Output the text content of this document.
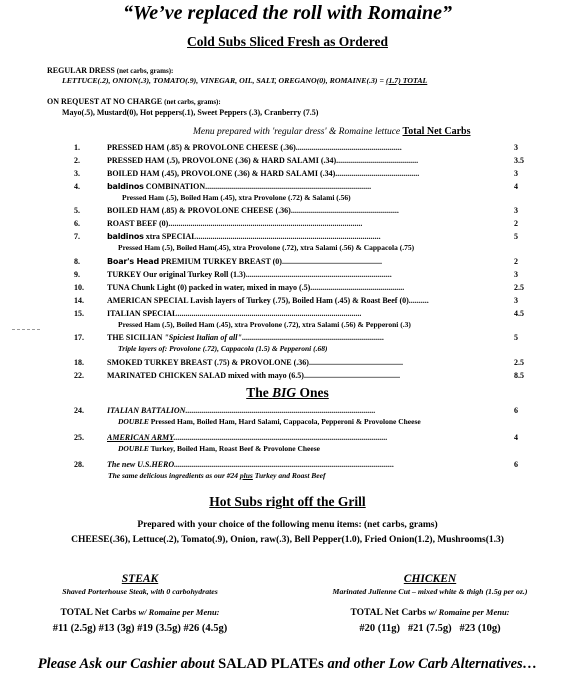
“We’ve replaced the roll with Romaine”
Cold Subs Sliced Fresh as Ordered
REGULAR DRESS (net carbs, grams):
LETTUCE(.2), ONION(.3), TOMATO(.9), VINEGAR, OIL, SALT, OREGANO(0), ROMAINE(.3) = (1.7) TOTAL
ON REQUEST AT NO CHARGE (net carbs, grams):
Mayo(.5), Mustard(0), Hot peppers(.1), Sweet Peppers (.3), Cranberry (7.5)
Menu prepared with 'regular dress' & Romaine lettuce Total Net Carbs
1.	PRESSED HAM (.85) & PROVOLONE CHEESE (.36).....................................................	3
2.	PRESSED HAM (.5), PROVOLONE (.36) & HARD SALAMI (.34).........................................	3.5
3.	BOILED HAM (.45), PROVOLONE (.36) & HARD SALAMI (.34)..........................................	3
4.	baldinos COMBINATION...................................................................................	4
Pressed Ham (.5), Boiled Ham (.45), xtra Provolone (.72) & Salami (.56)
5.	BOILED HAM (.85) & PROVOLONE CHEESE (.36)......................................................	3
6.	ROAST BEEF (0).................................................................................................	2
7.	baldinos xtra SPECIAL............................................................................................	5
Pressed Ham (.5), Boiled Ham(.45), xtra Provolone (.72), xtra Salami (.56) & Cappacola (.75)
8.	Boar's Head PREMIUM TURKEY BREAST (0)..................................................	2
9.	TURKEY Our original Turkey Roll (1.3).........................................................................	3
10.	TUNA Chunk Light (0) packed in water, mixed in mayo (.5)...............................................	2.5
14.	AMERICAN SPECIAL Lavish layers of Turkey (.75), Boiled Ham (.45) & Roast Beef (0)..........	3
15.	ITALIAN SPECIAL............................................................................................	4.5
Pressed Ham (.5), Boiled Ham (.45), xtra Provolone (.72), xtra Salami (.56) & Pepperoni (.3)
17.	THE SICILIAN "Spiciest Italian of all".......................................................................	5
Triple layers of: Provolone (.72), Cappacola (1.5) & Pepperoni (.68)
18.	SMOKED TURKEY BREAST (.75) & PROVOLONE (.36)...............................................	2.5
22.	MARINATED CHICKEN SALAD mixed with mayo (6.5)................................................	8.5
The BIG Ones
24.	ITALIAN BATTALION...............................................................................................	6
DOUBLE Pressed Ham, Boiled Ham, Hard Salami, Cappacola, Pepperoni & Provolone Cheese
25.	AMERICAN ARMY...........................................................................................................	4
DOUBLE Turkey, Boiled Ham, Roast Beef & Provolone Cheese
28.	The new U.S.HERO..............................................................................................................	6
The same delicious ingredients as our #24 plus Turkey and Roast Beef
Hot Subs right off the Grill
Prepared with your choice of the following menu items: (net carbs, grams)
CHEESE(.36), Lettuce(.2), Tomato(.9), Onion, raw(.3), Bell Pepper(1.0), Fried Onion(1.2), Mushrooms(1.3)
STEAK
Shaved Porterhouse Steak, with 0 carbohydrates
TOTAL Net Carbs w/ Romaine per Menu:
#11 (2.5g) #13 (3g) #19 (3.5g) #26 (4.5g)
CHICKEN
Marinated Julienne Cut – mixed white & thigh (1.5g per oz.)
TOTAL Net Carbs w/ Romaine per Menu:
#20 (11g)   #21 (7.5g)   #23 (10g)
Please Ask our Cashier about SALAD PLATEs and other Low Carb Alternatives…
